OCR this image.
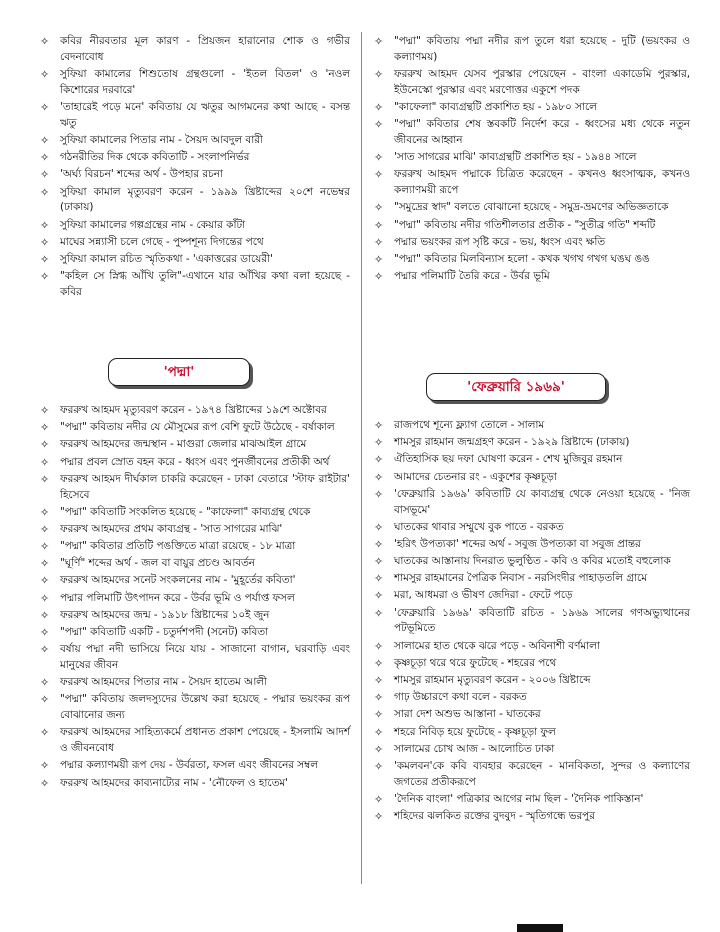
✧ কবির নীরবতার মূল কারণ - প্রিয়জন হারানোর শোক ও গভীর বেদনাবোধ
✧ সুফিয়া কামালের শিশুতোষ গ্রন্থগুলো - 'ইতল বিতল' ও 'নওল কিশোরের দরবারে'
✧ 'তাহারেই পড়ে মনে' কবিতায় যে ঋতুর আগমনের কথা আছে - বসন্ত ঋতু
✧ সুফিয়া কামালের পিতার নাম - সৈয়দ আবদুল বারী
✧ গঠনরীতির দিক থেকে কবিতাটি - সংলাপনির্ভর
✧ 'অর্ঘ্য বিরচন' শব্দের অর্থ - উপহার রচনা
✧ সুফিয়া কামাল মৃত্যুবরণ করেন - ১৯৯৯ খ্রিষ্টাব্দের ২০শে নভেম্বর (ঢাকায়)
✧ সুফিয়া কামালের গল্পগ্রন্থের নাম - কেয়ার কাঁটা
✧ মাঘের সন্ন্যাসী চলে গেছে - পুষ্পশূন্য দিগন্তের পথে
✧ সুফিয়া কামাল রচিত স্মৃতিকথা - 'একাত্তরের ডায়েরী'
✧ "কহিল সে স্নিগ্ধ আঁখি তুলি"-এখানে যার আঁখির কথা বলা হয়েছে - কবির
✧ "পদ্মা" কবিতায় পদ্মা নদীর রূপ তুলে ধরা হয়েছে - দুটি (ভয়ংকর ও কল্যাণময়)
✧ ফররুখ আহমদ যেসব পুরস্কার পেয়েছেন - বাংলা একাডেমি পুরস্কার, ইউনেস্কো পুরস্কার এবং মরণোত্তর একুশে পদক
✧ "কাফেলা" কাব্যগ্রন্থটি প্রকাশিত হয় - ১৯৮০ সালে
✧ "পদ্মা" কবিতার শেষ স্তবকটি নির্দেশ করে - ধ্বংসের মধ্য থেকে নতুন জীবনের আহ্বান
✧ 'সাত সাগরের মাঝি' কাব্যগ্রন্থটি প্রকাশিত হয় - ১৯৪৪ সালে
✧ ফররুখ আহমদ পদ্মাকে চিত্রিত করেছেন - কখনও ধ্বংসাত্মক, কখনও কল্যাণময়ী রূপে
✧ "সমুদ্রের স্বাদ" বলতে বোঝানো হয়েছে - সমুদ্র-ভ্রমণের অভিজ্ঞতাকে
✧ "পদ্মা" কবিতায় নদীর গতিশীলতার প্রতীক - "সুতীব্র গতি" শব্দটি
✧ পদ্মার ভয়ংকর রূপ সৃষ্টি করে - ভয়, ধ্বংস এবং ক্ষতি
✧ "পদ্মা" কবিতার মিলবিন্যাস হলো - কখক খগখ গখগ ঘঙঘ ঙঙ
✧ পদ্মার পলিমাটি তৈরি করে - উর্বর ভূমি
'পদ্মা'
'ফেব্রুয়ারি ১৯৬৯'
✧ ফররুখ আহমদ মৃত্যুবরণ করেন - ১৯৭৪ খ্রিষ্টাব্দের ১৯শে অক্টোবর
✧ "পদ্মা" কবিতায় নদীর যে মৌসুমের রূপ বেশি ফুটে উঠেছে - বর্ষাকাল
✧ ফররুখ আহমদের জন্মস্থান - মাগুরা জেলার মাঝআইল গ্রামে
✧ পদ্মার প্রবল স্রোত বহন করে - ধ্বংস এবং পুনর্জীবনের প্রতীকী অর্থ
✧ ফররুখ আহমদ দীর্ঘকাল চাকরি করেছেন - ঢাকা বেতারে 'স্টাফ রাইটার' হিসেবে
✧ "পদ্মা" কবিতাটি সংকলিত হয়েছে - "কাফেলা" কাব্যগ্রন্থ থেকে
✧ ফররুখ আহমদের প্রথম কাব্যগ্রন্থ - 'সাত সাগরের মাঝি'
✧ "পদ্মা" কবিতার প্রতিটি পঙক্তিতে মাত্রা রয়েছে - ১৮ মাত্রা
✧ "ঘূর্ণি" শব্দের অর্থ - জল বা বায়ুর প্রচণ্ড আবর্তন
✧ ফররুখ আহমদের সনেট সংকলনের নাম - 'মুহূর্তের কবিতা'
✧ পদ্মার পলিমাটি উৎপাদন করে - উর্বর ভূমি ও পর্যাপ্ত ফসল
✧ ফররুখ আহমদের জন্ম - ১৯১৮ খ্রিষ্টাব্দের ১০ই জুন
✧ "পদ্মা" কবিতাটি একটি - চতুর্দশপদী (সনেট) কবিতা
✧ বর্ষায় পদ্মা নদী ভাসিয়ে নিয়ে যায় - সাজানো বাগান, ঘরবাড়ি এবং মানুষের জীবন
✧ ফররুখ আহমদের পিতার নাম - সৈয়দ হাতেম আলী
✧ "পদ্মা" কবিতায় জলদস্যুদের উল্লেখ করা হয়েছে - পদ্মার ভয়ংকর রূপ বোঝানোর জন্য
✧ ফররুখ আহমদের সাহিত্যকর্মে প্রধানত প্রকাশ পেয়েছে - ইসলামি আদর্শ ও জীবনবোধ
✧ পদ্মার কল্যাণময়ী রূপ দেয় - উর্বরতা, ফসল এবং জীবনের সম্বল
✧ ফররুখ আহমদের কাব্যনাট্যের নাম - 'নৌফেল ও হাতেম'
✧ রাজপথে শূন্যে ফ্ল্যাগ তোলে - সালাম
✧ শামসুর রাহমান জন্মগ্রহণ করেন - ১৯২৯ খ্রিষ্টাব্দে (ঢাকায়)
✧ ঐতিহাসিক ছয় দফা ঘোষণা করেন - শেখ মুজিবুর রহমান
✧ আমাদের চেতনার রং - একুশের কৃষ্ণচূড়া
✧ 'ফেব্রুয়ারি ১৯৬৯' কবিতাটি যে কাব্যগ্রন্থ থেকে নেওয়া হয়েছে - 'নিজ বাসভূমে'
✧ ঘাতকের থাবার সম্মুখে বুক পাতে - বরকত
✧ 'হরিৎ উপত্যকা' শব্দের অর্থ - সবুজ উপত্যকা বা সবুজ প্রান্তর
✧ ঘাতকের আস্তানায় দিনরাত ভুলুণ্ঠিত - কবি ও কবির মতোই বহুলোক
✧ শামসুর রাহমানের পৈত্রিক নিবাস - নরসিংদীর পাহাড়তলি গ্রামে
✧ মরা, আধমরা ও ভীষণ জেদিরা - ফেটে পড়ে
✧ 'ফেব্রুয়ারি ১৯৬৯' কবিতাটি রচিত - ১৯৬৯ সালের গণঅভ্যুত্থানের পটভূমিতে
✧ সালামের হাত থেকে ঝরে পড়ে - অবিনাশী বর্ণমালা
✧ কৃষ্ণচূড়া থরে থরে ফুটেছে - শহরের পথে
✧ শামসুর রাহমান মৃত্যুবরণ করেন - ২০০৬ খ্রিষ্টাব্দে
✧ গাঢ় উচ্চারণে কথা বলে - বরকত
✧ সারা দেশ অশুভ আস্তানা - ঘাতকের
✧ শহরে নিবিড় হয়ে ফুটেছে - কৃষ্ণচূড়া ফুল
✧ সালামের চোখ আজ - আলোচিত ঢাকা
✧ 'কমলবন'কে কবি ব্যবহার করেছেন - মানবিকতা, সুন্দর ও কল্যাণের জগতের প্রতীকরূপে
✧ 'দৈনিক বাংলা' পত্রিকার আগের নাম ছিল - 'দৈনিক পাকিস্তান'
✧ শহিদের ঝলকিত রক্তের বুদবুদ - স্মৃতিগন্ধে ভরপুর
